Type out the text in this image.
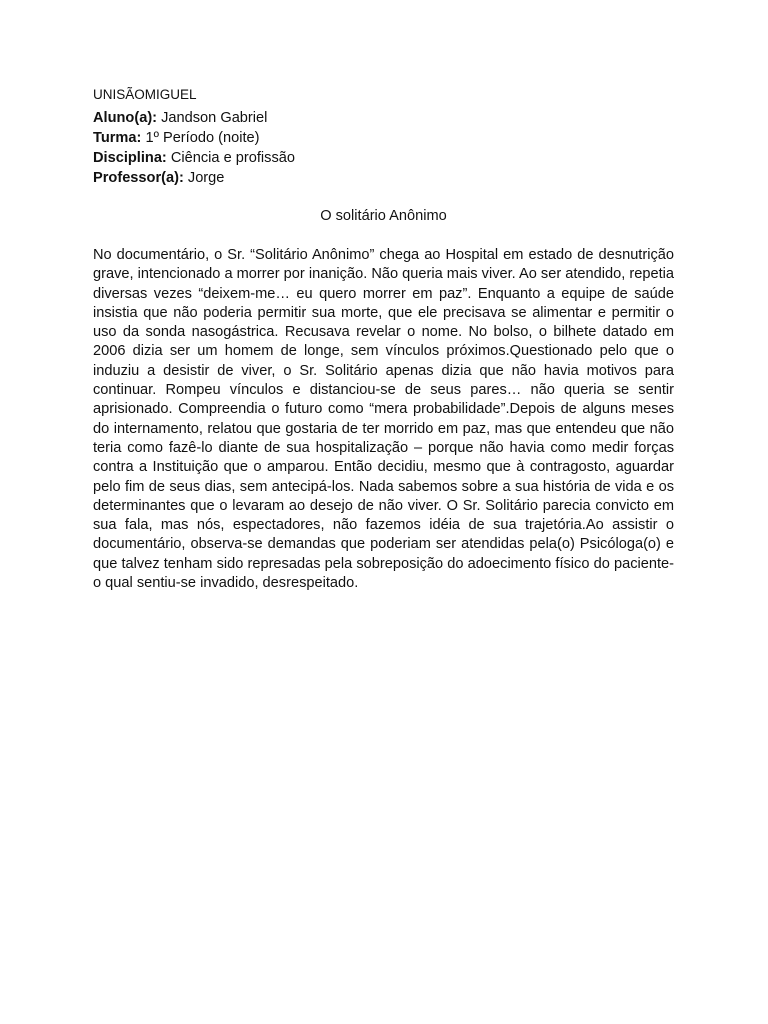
UNISÃOMIGUEL
Aluno(a): Jandson Gabriel
Turma: 1º Período (noite)
Disciplina: Ciência e profissão
Professor(a): Jorge
O solitário Anônimo

No documentário, o Sr. “Solitário Anônimo” chega ao Hospital em estado de desnutrição grave, intencionado a morrer por inanição. Não queria mais viver. Ao ser atendido, repetia diversas vezes “deixem-me… eu quero morrer em paz”. Enquanto a equipe de saúde insistia que não poderia permitir sua morte, que ele precisava se alimentar e permitir o uso da sonda nasogástrica. Recusava revelar o nome. No bolso, o bilhete datado em 2006 dizia ser um homem de longe, sem vínculos próximos.Questionado pelo que o induziu a desistir de viver, o Sr. Solitário apenas dizia que não havia motivos para continuar. Rompeu vínculos e distanciou-se de seus pares… não queria se sentir aprisionado. Compreendia o futuro como “mera probabilidade”.Depois de alguns meses do internamento, relatou que gostaria de ter morrido em paz, mas que entendeu que não teria como fazê-lo diante de sua hospitalização – porque não havia como medir forças contra a Instituição que o amparou. Então decidiu, mesmo que à contragosto, aguardar pelo fim de seus dias, sem antecipá-los. Nada sabemos sobre a sua história de vida e os determinantes que o levaram ao desejo de não viver. O Sr. Solitário parecia convicto em sua fala, mas nós, espectadores, não fazemos idéia de sua trajetória.Ao assistir o documentário, observa-se demandas que poderiam ser atendidas pela(o) Psicóloga(o) e que talvez tenham sido represadas pela sobreposição do adoecimento físico do paciente- o qual sentiu-se invadido, desrespeitado.
